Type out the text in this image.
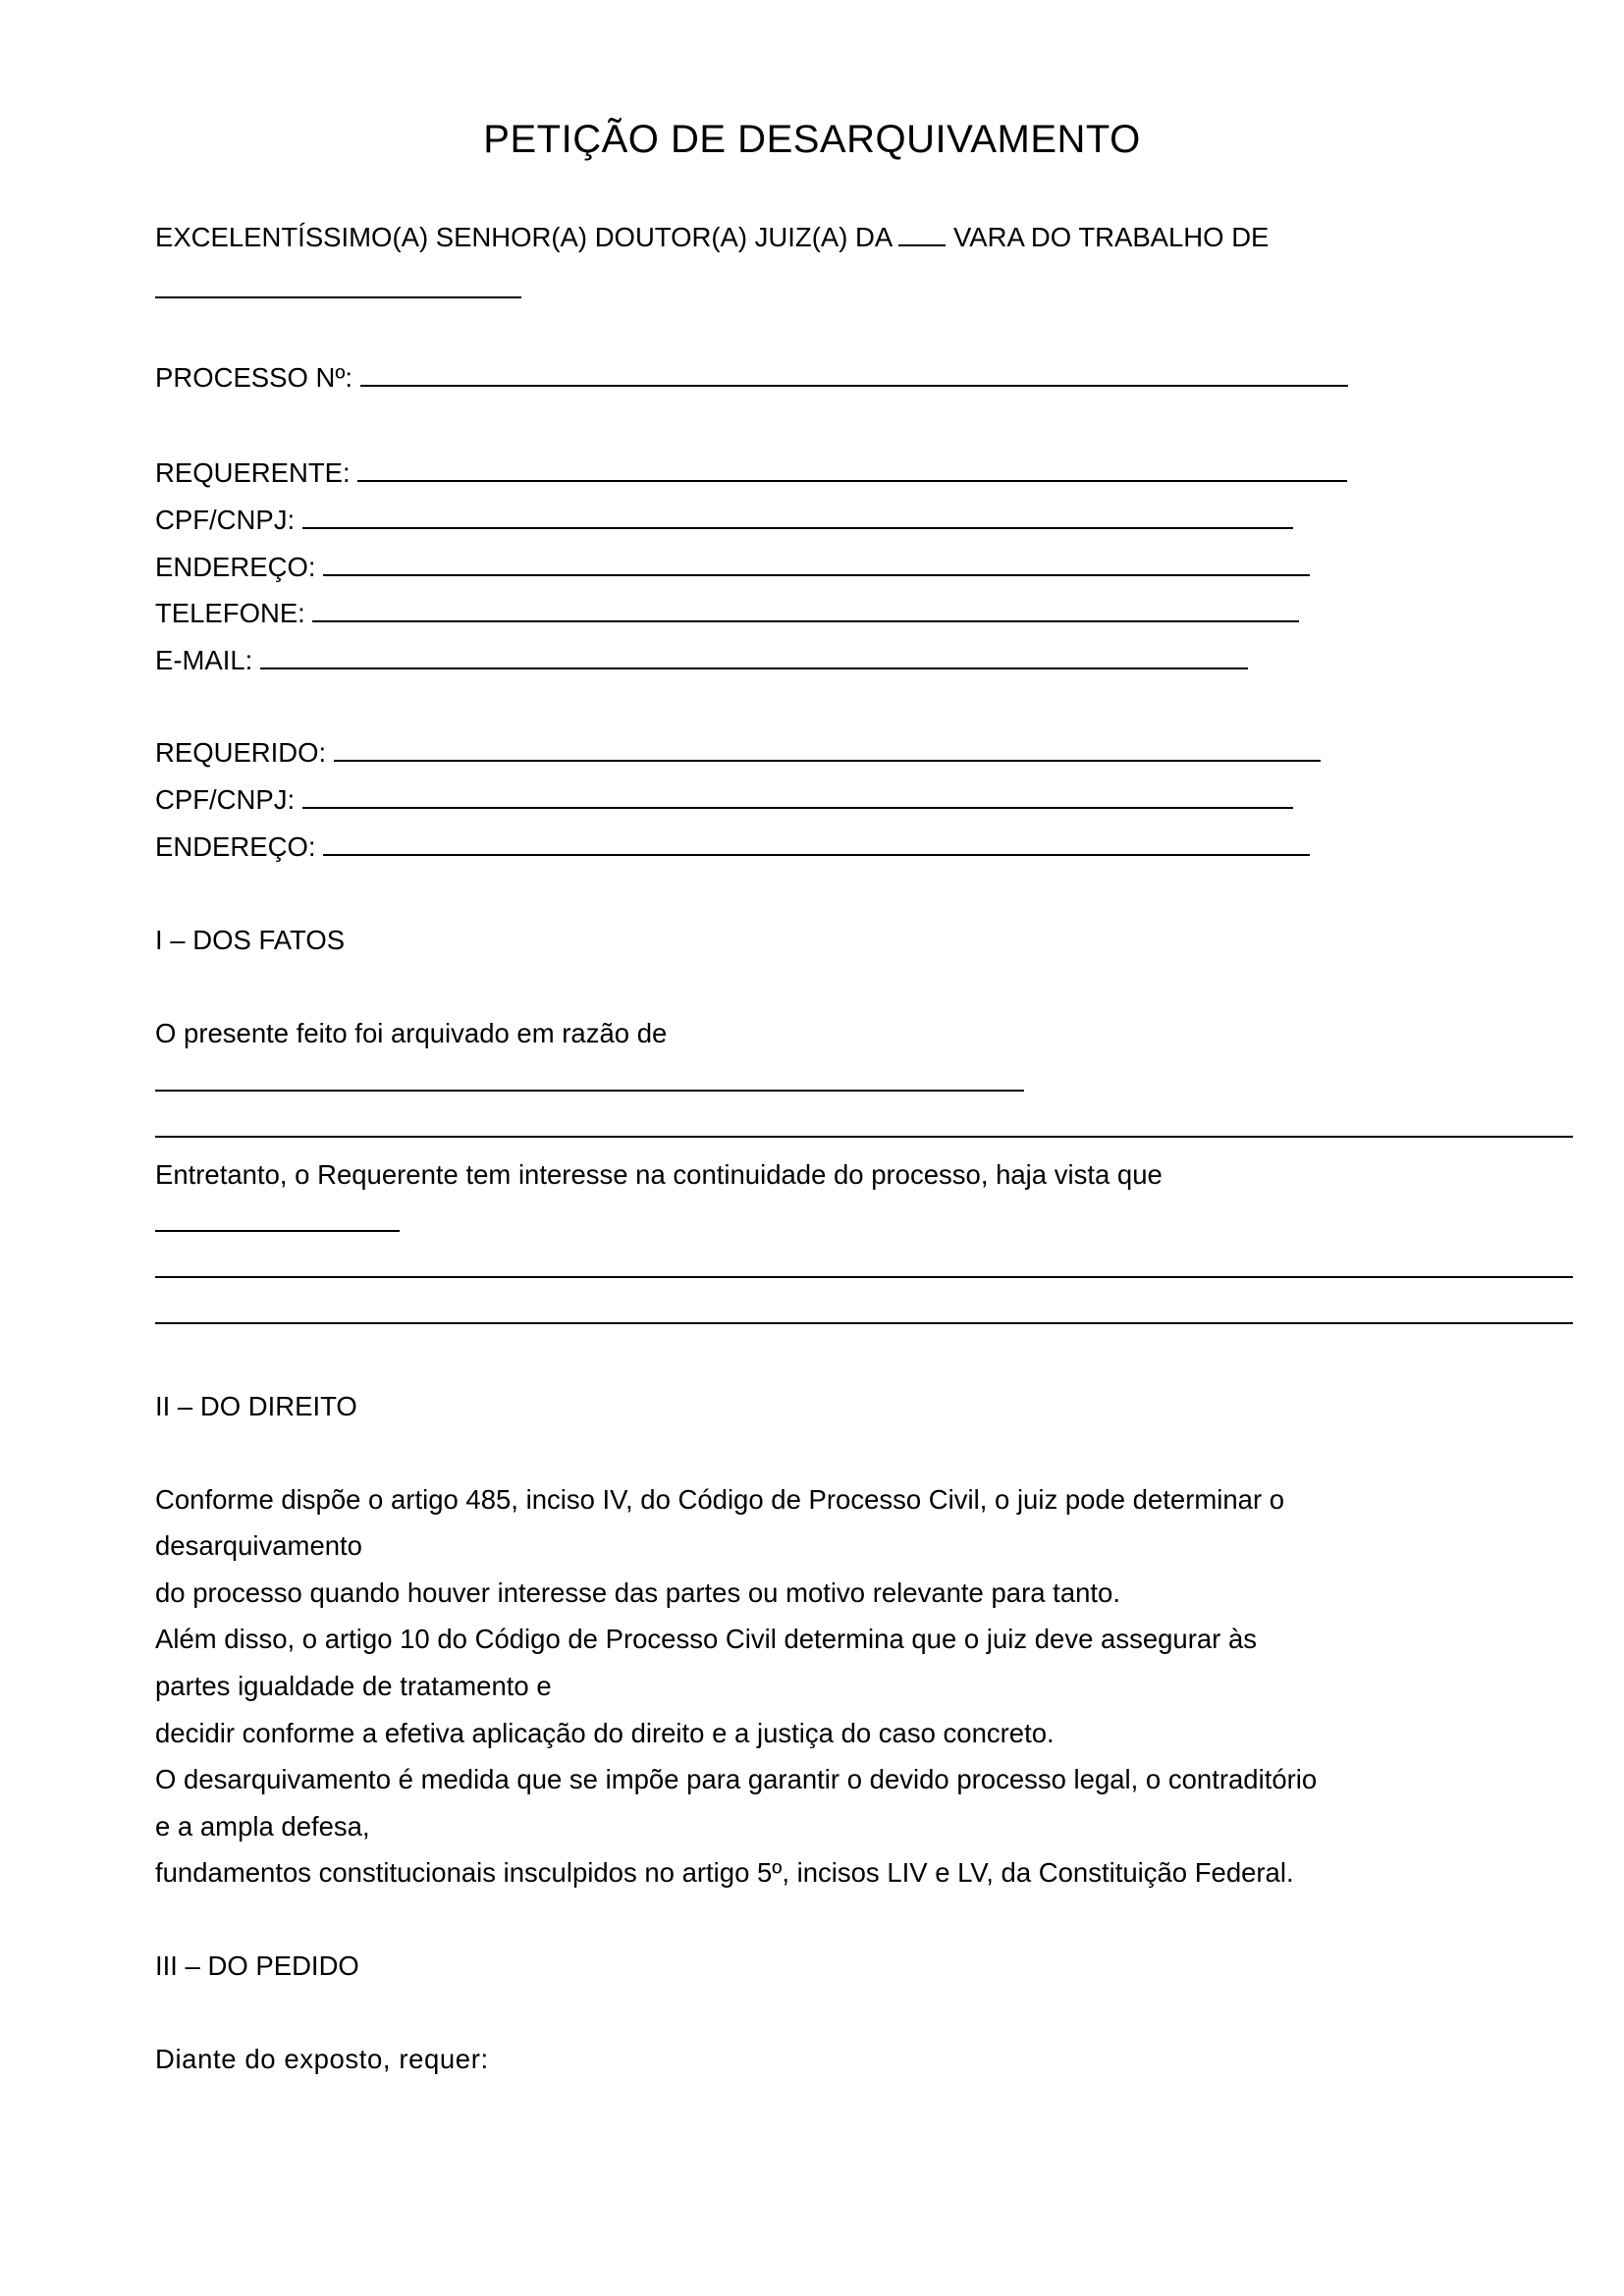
PETIÇÃO DE DESARQUIVAMENTO
EXCELENTÍSSIMO(A) SENHOR(A) DOUTOR(A) JUIZ(A) DA VARA DO TRABALHO DE
PROCESSO Nº:
REQUERENTE:
CPF/CNPJ:
ENDEREÇO:
TELEFONE:
E-MAIL:
REQUERIDO:
CPF/CNPJ:
ENDEREÇO:
I – DOS FATOS
O presente feito foi arquivado em razão de
Entretanto, o Requerente tem interesse na continuidade do processo, haja vista que
II – DO DIREITO
Conforme dispõe o artigo 485, inciso IV, do Código de Processo Civil, o juiz pode determinar o
desarquivamento
do processo quando houver interesse das partes ou motivo relevante para tanto.
Além disso, o artigo 10 do Código de Processo Civil determina que o juiz deve assegurar às
partes igualdade de tratamento e
decidir conforme a efetiva aplicação do direito e a justiça do caso concreto.
O desarquivamento é medida que se impõe para garantir o devido processo legal, o contraditório
e a ampla defesa,
fundamentos constitucionais insculpidos no artigo 5º, incisos LIV e LV, da Constituição Federal.
III – DO PEDIDO
Diante do exposto, requer:
